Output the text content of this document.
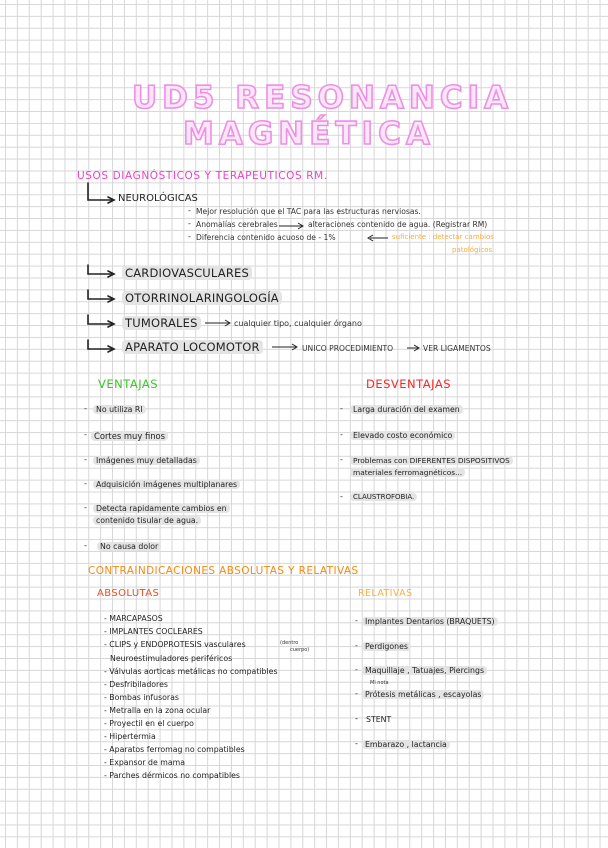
UD5 RESONANCIA
MAGNÉTICA
USOS DIAGNÓSTICOS Y TERAPEUTICOS RM.
NEUROLÓGICAS
- Mejor resolución que el TAC para las estructuras nerviosas.
- Anomalías cerebrales	alteraciones contenido de agua. (Registrar RM)
- Diferencia contenido acuoso de - 1%	suficiente : detectar cambios
patológicos.
CARDIOVASCULARES
OTORRINOLARINGOLOGÍA
TUMORALES	cualquier tipo, cualquier órgano
APARATO LOCOMOTOR	UNICO PROCEDIMIENTO	VER LIGAMENTOS
VENTAJAS
-	No utiliza RI
- Cortes muy finos
-	Imágenes muy detalladas
-	Adquisición imágenes multiplanares
-	Detecta rapidamente cambios en
contenido tisular de agua.
-	No causa dolor
DESVENTAJAS
-	Larga duración del examen
-	Elevado costo económico
-	Problemas con DIFERENTES DISPOSITIVOS
materiales ferromagnéticos...
-	CLAUSTROFOBIA.
CONTRAINDICACIONES ABSOLUTAS Y RELATIVAS
ABSOLUTAS	RELATIVAS
- MARCAPASOS
- IMPLANTES COCLEARES
- CLIPS y ENDOPROTESIS vasculares	(dentro
cuerpo)
Neuroestimuladores periféricos
- Válvulas aorticas metálicas no compatibles
- Desfribiladores
- Bombas infusoras
- Metralla en la zona ocular
- Proyectil en el cuerpo
- Hipertermia
- Aparatos ferromag no compatibles
- Expansor de mama
- Parches dérmicos no compatibles
- Implantes Dentarios (BRAQUETS)
- Perdigones
- Maquillaje , Tatuajes, Piercings
Mi nota
- Prótesis metálicas , escayolas
- STENT
- Embarazo , lactancia
